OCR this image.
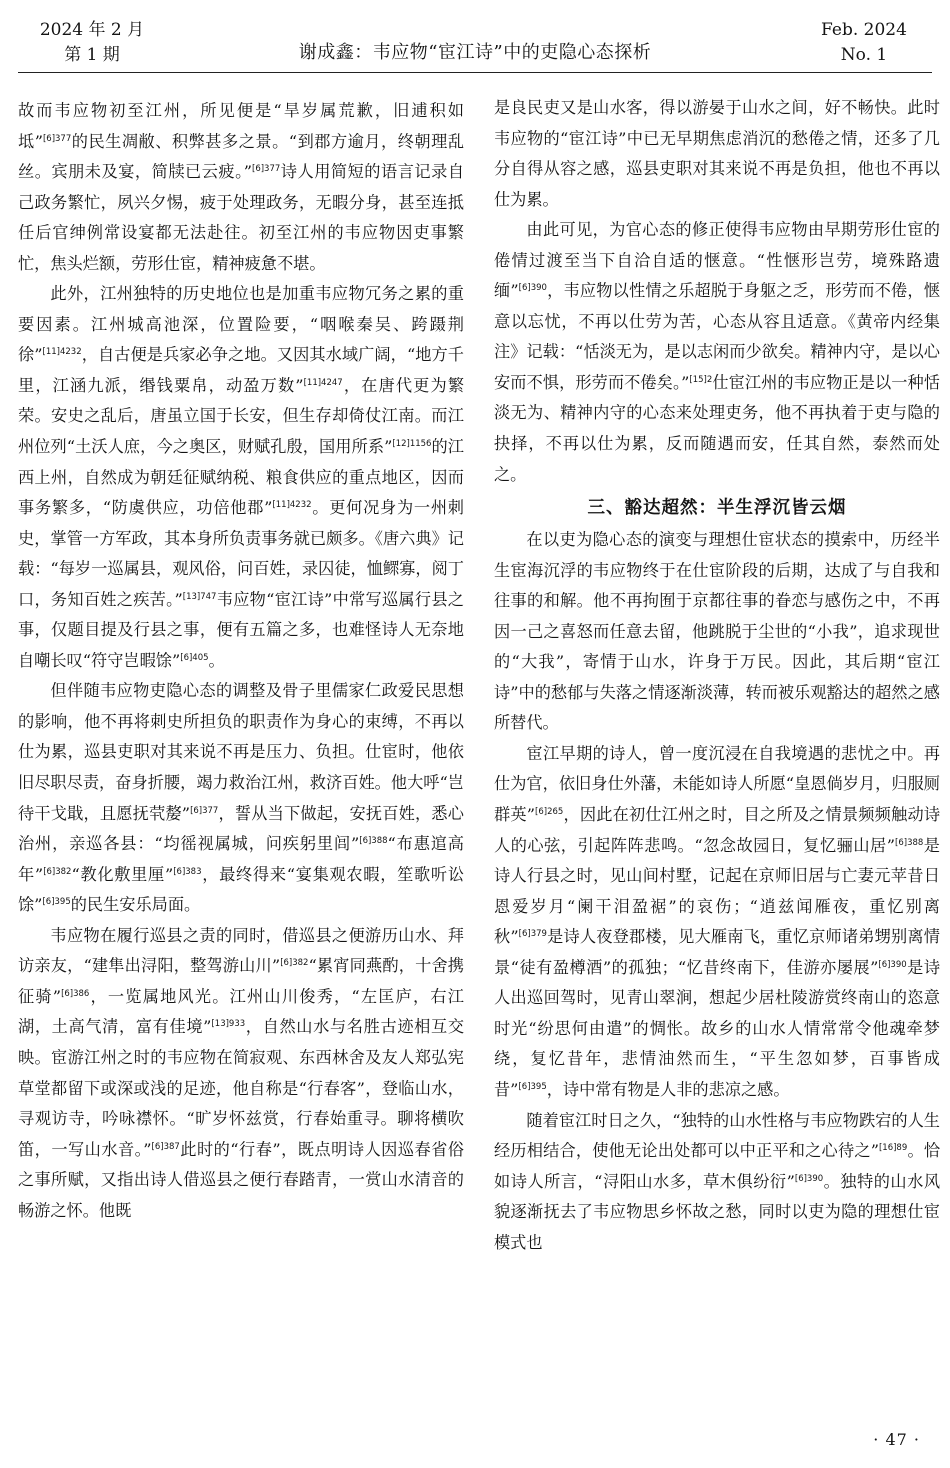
2024 年 2 月
第 1 期	谢成鑫：韦应物“宦江诗”中的吏隐心态探析
Feb. 2024
No. 1

故而韦应物初至江州，所见便是“旱岁属荒歉，旧逋积如坻”$^{[6]377}$的民生凋敝、积弊甚多之景。“到郡方逾月，终朝理乱丝。宾朋未及宴，简牍已云疲。”$^{[6]377}$诗人用简短的语言记录自己政务繁忙，夙兴夕惕，疲于处理政务，无暇分身，甚至连抵任后官绅例常设宴都无法赴往。初至江州的韦应物因吏事繁忙，焦头烂额，劳形仕宦，精神疲惫不堪。

此外，江州独特的历史地位也是加重韦应物冗务之累的重要因素。江州城高池深，位置险要，“咽喉秦吴、跨蹑荆徐”$^{[11]4232}$，自古便是兵家必争之地。又因其水域广阔，“地方千里，江涵九派，缗钱粟帛，动盈万数”$^{[11]4247}$，在唐代更为繁荣。安史之乱后，唐虽立国于长安，但生存却倚仗江南。而江州位列“土沃人庶，今之奥区，财赋孔殷，国用所系”$^{[12]1156}$的江西上州，自然成为朝廷征赋纳税、粮食供应的重点地区，因而事务繁多，“防虞供应，功倍他郡”$^{[11]4232}$。更何况身为一州刺史，掌管一方军政，其本身所负责事务就已颇多。《唐六典》记载：“每岁一巡属县，观风俗，问百姓，录囚徒，恤鳏寡，阅丁口，务知百姓之疾苦。”$^{[13]747}$韦应物“宦江诗”中常写巡属行县之事，仅题目提及行县之事，便有五篇之多，也难怪诗人无奈地自嘲长叹“符守岂暇馀”$^{[6]405}$。

但伴随韦应物吏隐心态的调整及骨子里儒家仁政爱民思想的影响，他不再将刺史所担负的职责作为身心的束缚，不再以仕为累，巡县吏职对其来说不再是压力、负担。仕宦时，他依旧尽职尽责，奋身折腰，竭力救治江州，救济百姓。他大呼“岂待干戈戢，且愿抚茕嫠”$^{[6]377}$，誓从当下做起，安抚百姓，悉心治州，亲巡各县：“均徭视属城，问疾躬里闾”$^{[6]388}$“布惠逭高年”$^{[6]382}$“教化敷里厘”$^{[6]383}$，最终得来“宴集观农暇，笙歌听讼馀”$^{[6]395}$的民生安乐局面。

韦应物在履行巡县之责的同时，借巡县之便游历山水、拜访亲友，“建隼出浔阳，整驾游山川”$^{[6]382}$“累宵同燕酌，十舍携征骑”$^{[6]386}$，一览属地风光。江州山川俊秀，“左匡庐，右江湖，土高气清，富有佳境”$^{[13]933}$，自然山水与名胜古迹相互交映。宦游江州之时的韦应物在简寂观、东西林舍及友人郑弘宪草堂都留下或深或浅的足迹，他自称是“行春客”，登临山水，寻观访寺，吟咏襟怀。“旷岁怀兹赏，行春始重寻。聊将横吹笛，一写山水音。”$^{[6]387}$此时的“行春”，既点明诗人因巡春省俗之事所赋，又指出诗人借巡县之便行春踏青，一赏山水清音的畅游之怀。他既

是良民吏又是山水客，得以游晏于山水之间，好不畅快。此时韦应物的“宦江诗”中已无早期焦虑消沉的愁倦之情，还多了几分自得从容之感，巡县吏职对其来说不再是负担，他也不再以仕为累。

由此可见，为官心态的修正使得韦应物由早期劳形仕宦的倦情过渡至当下自洽自适的惬意。“性惬形岂劳，境殊路遗缅”$^{[6]390}$，韦应物以性情之乐超脱于身躯之乏，形劳而不倦，惬意以忘忧，不再以仕劳为苦，心态从容且适意。《黄帝内经集注》记载：“恬淡无为，是以志闲而少欲矣。精神内守，是以心安而不惧，形劳而不倦矣。”$^{[15]2}$仕宦江州的韦应物正是以一种恬淡无为、精神内守的心态来处理吏务，他不再执着于吏与隐的抉择，不再以仕为累，反而随遇而安，任其自然，泰然而处之。

三、豁达超然：半生浮沉皆云烟

在以吏为隐心态的演变与理想仕宦状态的摸索中，历经半生宦海沉浮的韦应物终于在仕宦阶段的后期，达成了与自我和往事的和解。他不再拘囿于京都往事的眷恋与感伤之中，不再因一己之喜怒而任意去留，他跳脱于尘世的“小我”，追求现世的“大我”，寄情于山水，许身于万民。因此，其后期“宦江诗”中的愁郁与失落之情逐渐淡薄，转而被乐观豁达的超然之感所替代。

宦江早期的诗人，曾一度沉浸在自我境遇的悲忧之中。再仕为官，依旧身仕外藩，未能如诗人所愿“皇恩倘岁月，归服厕群英”$^{[6]265}$，因此在初仕江州之时，目之所及之情景频频触动诗人的心弦，引起阵阵悲鸣。“忽念故园日，复忆骊山居”$^{[6]388}$是诗人行县之时，见山间村墅，记起在京师旧居与亡妻元苹昔日恩爱岁月“阑干泪盈裾”的哀伤；“逍兹闻雁夜，重忆别离秋”$^{[6]379}$是诗人夜登郡楼，见大雁南飞，重忆京师诸弟甥别离情景“徒有盈樽酒”的孤独；“忆昔终南下，佳游亦屡展”$^{[6]390}$是诗人出巡回驾时，见青山翠涧，想起少居杜陵游赏终南山的恣意时光“纷思何由遣”的惆怅。故乡的山水人情常常令他魂牵梦绕，复忆昔年，悲情油然而生，“平生忽如梦，百事皆成昔”$^{[6]395}$，诗中常有物是人非的悲凉之感。

随着宦江时日之久，“独特的山水性格与韦应物跌宕的人生经历相结合，使他无论出处都可以中正平和之心待之”$^{[16]89}$。恰如诗人所言，“浔阳山水多，草木俱纷衍”$^{[6]390}$。独特的山水风貌逐渐抚去了韦应物思乡怀故之愁，同时以吏为隐的理想仕宦模式也

· 47 ·
